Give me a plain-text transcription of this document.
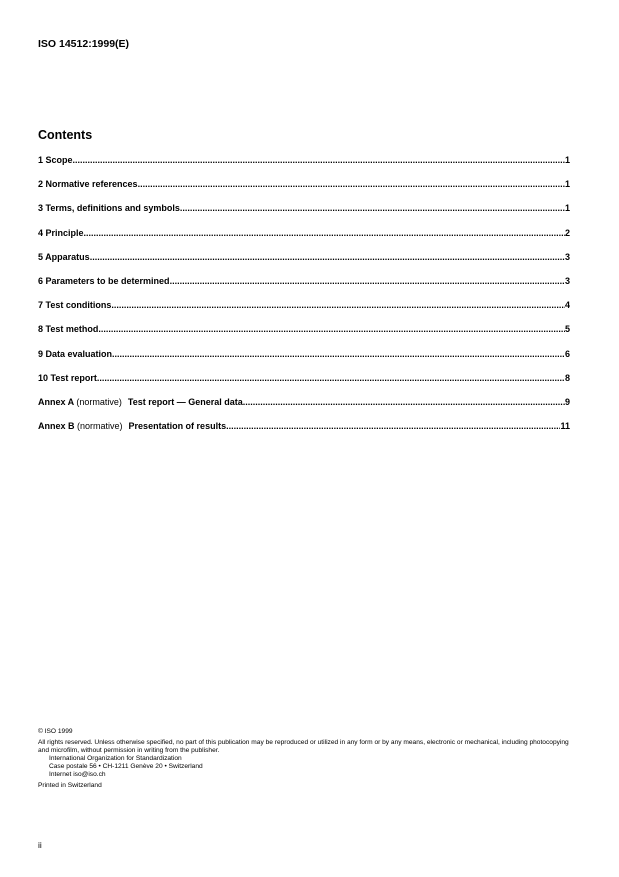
ISO 14512:1999(E)
Contents
1 Scope .....	1
2 Normative references .....	1
3 Terms, definitions and symbols .....	1
4 Principle .....	2
5 Apparatus .....	3
6 Parameters to be determined .....	3
7 Test conditions .....	4
8 Test method .....	5
9 Data evaluation .....	6
10 Test report .....	8
Annex A (normative) Test report — General data .....	9
Annex B (normative) Presentation of results .....	11
© ISO 1999
All rights reserved. Unless otherwise specified, no part of this publication may be reproduced or utilized in any form or by any means, electronic or mechanical, including photocopying and microfilm, without permission in writing from the publisher.
International Organization for Standardization
Case postale 56 • CH-1211 Genève 20 • Switzerland
Internet iso@iso.ch
Printed in Switzerland
ii
